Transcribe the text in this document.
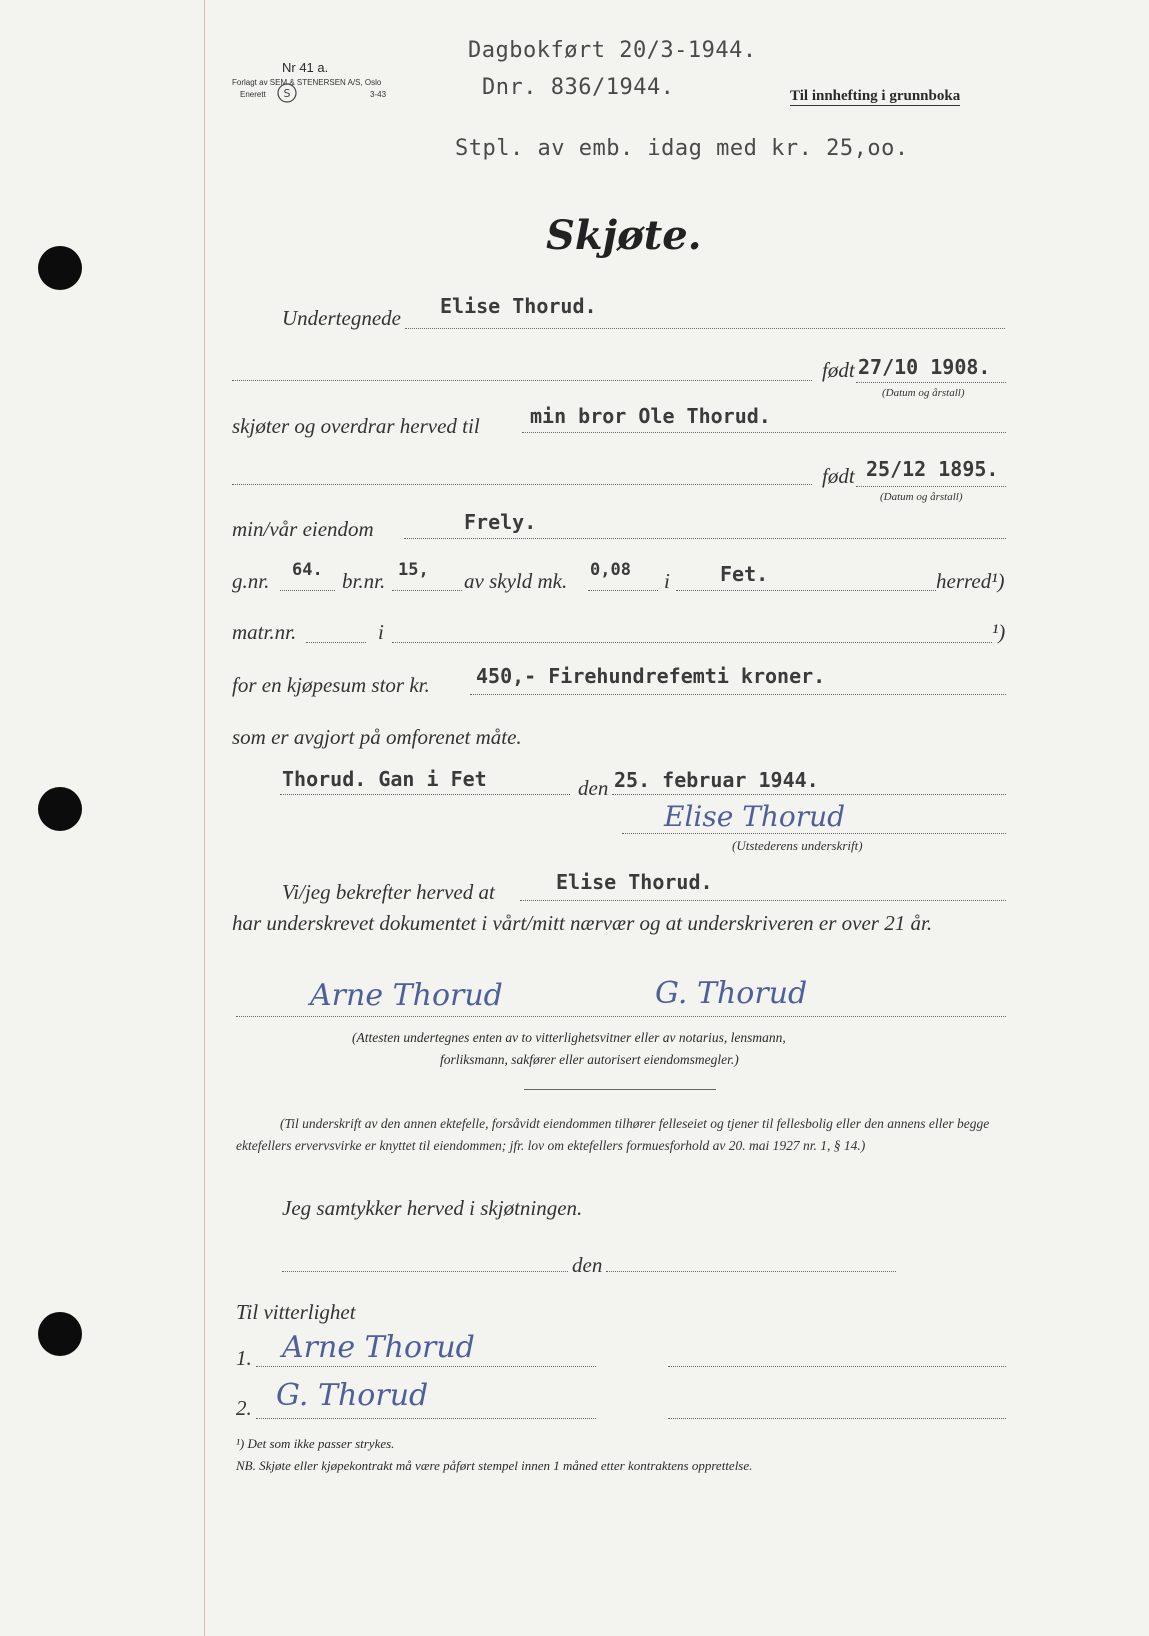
Nr 41 a.
Forlagt av SEM & STENERSEN A/S, Oslo
Enerett S	3-43
Dagbokført 20/3-1944.
Dnr. 836/1944.
Stpl. av emb. idag med kr. 25,oo.
Til innhefting i grunnboka
Skjøte.
Undertegnede Elise Thorud.
født 27/10 1908.
(Datum og årstall)
skjøter og overdrar herved til	min bror Ole Thorud.
født 25/12 1895.
(Datum og årstall)
min/vår eiendom	Frely.
g.nr. 64. br.nr. 15, av skyld mk. 0,08 i	Fet.	herred¹)
matr.nr.	i	¹)
for en kjøpesum stor kr. 450,- Firehundrefemti kroner.
som er avgjort på omforenet måte.
Thorud. Gan i Fet	den 25. februar 1944.
Elise Thorud
(Utstederens underskrift)
Vi/jeg bekrefter herved at	Elise Thorud.
har underskrevet dokumentet i vårt/mitt nærvær og at underskriveren er over 21 år.
Arne Thorud	G. Thorud
(Attesten undertegnes enten av to vitterlighetsvitner eller av notarius, lensmann,
forliksmann, sakfører eller autorisert eiendomsmegler.)
(Til underskrift av den annen ektefelle, forsåvidt eiendommen tilhører felleseiet og tjener til fellesbolig eller den annens eller begge ektefellers ervervsvirke er knyttet til eiendommen; jfr. lov om ektefellers formuesforhold av 20. mai 1927 nr. 1, § 14.)
Jeg samtykker herved i skjøtningen.
den
Til vitterlighet
1. Arne Thorud
2. G. Thorud
¹) Det som ikke passer strykes.
NB. Skjøte eller kjøpekontrakt må være påført stempel innen 1 måned etter kontraktens opprettelse.
